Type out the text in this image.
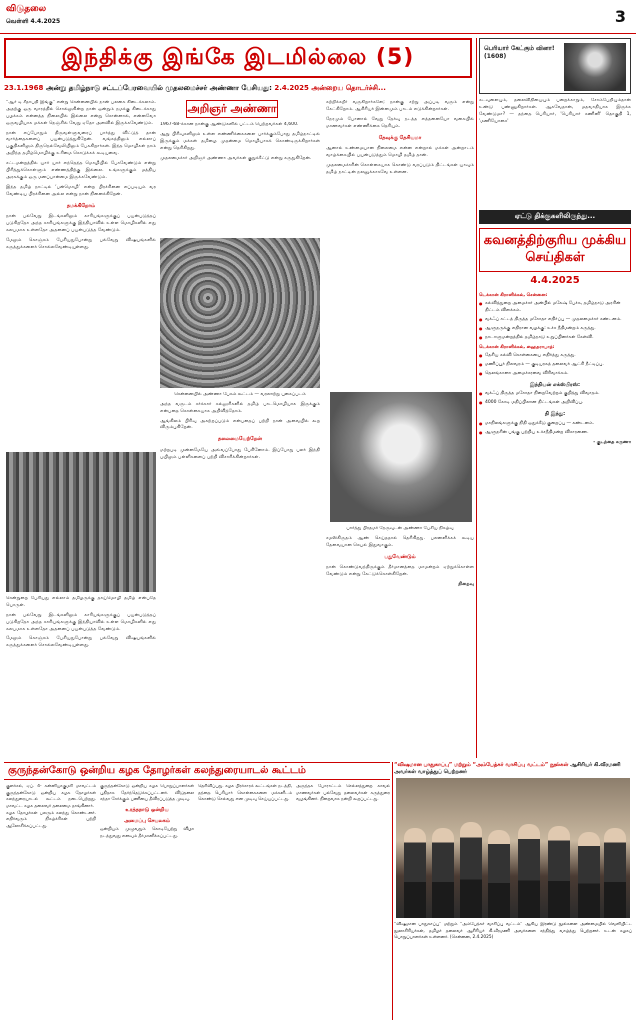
விடுதலை
வெள்ளி 4.4.2025	3
இந்திக்கு இங்கே இடமில்லை (5)
23.1.1968 அன்று தமிழ்நாடு சட்டப்பேரவையில் முதலமைச்சர் அண்ணா பேசியது: 2.4.2025 அன்றைய தொடர்ச்சி...

“ஆர் டி சீதாபதி இங்கு” என்று சென்னையில் நான் பலகை கிடைக்கலாம். அதற்கு ஒரு வாரத்தில் சொல்லுகின்ற நான் ஒன்றும் நமக்கு கிடைக்காது பழக்கம் என்னத்த நிலையில் இல்லை என்று சொன்னால், என்னவோ ஒருவழியாக மக்கள் நெஞ்சில் வேறு ஏதோ அளவில் இருக்கவேண்டும்.

நான் எப்போதும் திருவள்ளுவரைப் பார்த்து விட்டுத் தான் வார்த்தைகளைப் பயன்படுத்துகிறேன். வங்கத்திலும் எல்லாப் பகுதிகளிலும் திருநெல்வேலியிலும் பேசுகிறார்கள். இந்த மொழிகள் நாம் அறிந்த தமிழ்மொழிக்கு உரிமை கொடுக்கக் கூடியவை.

சட்டமன்றத்தில் யார் யார் எந்தெந்த மொழியில் பேசவேண்டும் என்று பிரித்துக்கொள்ளும் எண்ணத்திற்கு இல்லை. உங்களுக்கும் மத்திய அரசுக்கும் ஒரு மனப்பான்மை இருக்கவேண்டும்.

இந்த தமிழ் நாட்டில் ‘பன்மொழி’ என்ற பிரச்சினை எப்படியும் வர வேண்டிய பிரச்சினை அல்ல என்று நான் நினைக்கிறேன்.

தமக்கிறோம்

நான் பல்வேறு இடங்களிலும் காரியங்களுக்குப் பயன்படுத்தப் படுகிறதோ அந்த காரியங்களுக்கு இந்தியாவில் உள்ள மொழிகளில் எது சுலபமாக உள்ளதோ அதனைப் பயன்படுத்த வேண்டும்.

மேலும் கொஞ்சம் பேசியதுபோன்று பல்வேறு விஷயங்களில் கருத்துக்களைச் சொல்லவேண்டியுள்ளது.

சென்றுறை பேசியது எல்லாம் தமிழருக்கு தாய்மொழி தமிழ் என்பதே பொருள்.

நான் பல்வேறு இடங்களிலும் காரியங்களுக்குப் பயன்படுத்தப் படுகிறதோ அந்த காரியங்களுக்கு இந்தியாவில் உள்ள மொழிகளில் எது சுலபமாக உள்ளதோ அதனைப் பயன்படுத்த வேண்டும்.

மேலும் கொஞ்சம் பேசியதுபோன்று பல்வேறு விஷயங்களில் கருத்துக்களைச் சொல்லவேண்டியுள்ளது.

அறிஞர் அண்ணா

1967-68-க்கான நான்கு ஆண்டுகளில் பட்டம் பெற்றவர்கள் 4,600.

ஆறு பிரிவுகளிலும் உள்ள எண்ணிக்கைகளை பார்க்கும்போது தமிழ்நாட்டில் இருக்கும் மக்கள் தமிழை முதன்மை மொழியாகக் கொண்டிருக்கிறார்கள் என்று தெரிகிறது.

முதலமைச்சர் அறிஞர் அண்ணா அவர்கள் குறுக்கீட்டு என்று கருதுகிறேன்.

சென்னையில் அண்ணா பேசும் கூட்டம் — வரலாற்று புகைப்படம்

அந்த வருடம் சர்க்கார் கல்லூரிகளில் தமிழ் பாடமொழியாக இருக்கும் என்பதை கொள்கையாக அறிவித்தோம்.

ஆங்கிலம் பிரிவு அகற்றப்படும் என்பதைப் பற்றி நான் அவையில் கூற விரும்புகிறேன்.

தலைமையேற்றேன்

மற்றபடி முன்னமேயே அவ்வப்போது பேசினோம். இப்போது பலர் இந்தி பயிலும் பள்ளிகளைப் பற்றி விசாரிக்கின்றார்கள்.

கற்றிக்கறீர் வருகிறார்களே; நான்கு சற்று அப்படி வரும் என்று கேட்கிறோம். ஆசிரியர் இன்னமும் பாடம் எடுக்கின்றார்கள்.

நேரமும் போனால் வேறு தேர்வு நடத்த எத்தனையோ வகையில் மாணவர்கள் எண்ணிக்கை தெரியும்.

தேவுக்கு தேசியமா

ஆனால் உண்மையான நிலைமை என்ன என்றால் மக்கள் அன்றாடம் வாழ்க்கையில் பயன்படுத்தும் மொழி தமிழ் தான்.

முதலமைச்சரின் கொள்கையாக கொண்டு வரப்படும் திட்டங்கள் யாவும் தமிழ் நாட்டின் நலனுக்காகவே உள்ளன.

பார்த்து பிரதமர் நேருவுடன் அண்ணா பேசிய நிகழ்வு

சமஸ்கிருதம் ஆண் செய்ததால் தெரிகிறது. பலனளிக்கக் கூடிய தேவையான செயல் இதுவாகும்.

பதுவேண்டும்

நான் கொண்டுவந்திருக்கும் தீர்மானத்தை மாமன்றம் ஏற்றுக்கொள்ள வேண்டும் என்று கேட்டுக்கொள்கிறேன்.

நிறைவு

பெரியார் கேட்கும் வினா! (1608)
கடவுளையும், தலைவிதியையும் பறைக்காறும், சோம்பேறியும்தான் உண்டு பண்ணுகிறார்கள். ஆகவேதான், மதவாதியாக இருக்க வேண்டுமா? — தந்தை பெரியார், 'பெரியார் கணினி' தொகுதி 1, 'மணியோசை'
ஏட்டு திக்குகளிலிருந்து...
கவனத்திற்குரிய முக்கிய செய்திகள்
4.4.2025
டெக்கான் கிரானிக்கல், சென்னை:
● கல்வித்துறை அமைச்சர் அன்பில் மகேஷ் பேச்சு, தமிழ்நாடு அரசின் திட்டம் விளக்கம்.
● வக்ஃப் சட்டத் திருத்த மசோதா எதிர்ப்பு — முதலமைச்சர் கண்டனம்.
● ஆளுநருக்கு எதிரான வழக்கு: உச்ச நீதிமன்றம் கருத்து.
● நாடாளுமன்றத்தில் தமிழ்நாடு உறுப்பினர்கள் கேள்வி.
டெக்கான் கிரானிக்கல், ஹைதராபாத்:
● தேசிய கல்வி கொள்கையை எதிர்த்து கருத்து.
● மணிப்பூர் நிலவரம் — குடியரசுத் தலைவர் ஆட்சி நீட்டிப்பு.
● தெலங்கானா அமைச்சரவை விரிவாக்கம்.
இந்தியன் எக்ஸ்பிரஸ்:
● வக்ஃப் திருத்த மசோதா நிறைவேற்றம் குறித்து விவாதம்.
● 4000 கோடி மதிப்பிலான திட்டங்கள் அறிவிப்பு.
தி இந்து:
● மாநிலங்களுக்கு நிதி ஒதுக்கீடு குறைப்பு — கண்டனம்.
● ஆளுநரின் பங்கு பற்றிய உச்சநீதிமன்ற விசாரணை.
- குடந்தை கருணா
குருந்தன்கோடு ஒன்றிய கழக தோழர்கள் கலந்துரையாடல் கூட்டம்

குளச்சல், ஏப். 4- கன்னியாகுமரி மாவட்டம் குருந்தன்கோடு ஒன்றிய கழக தோழர்கள் கலந்துரையாடல் கூட்டம் நடைபெற்றது. மாவட்ட கழக தலைவர் தலைமை தாங்கினார்.

கழக தோழர்கள் பலரும் கலந்து கொண்டனர். எதிர்வரும் நிகழ்ச்சிகள் பற்றி ஆலோசிக்கப்பட்டது.

குருந்தன்கோடு ஒன்றிய கழக பொறுப்பாளர்கள் புதிதாக தேர்ந்தெடுக்கப்பட்டனர். விடுதலை சந்தா சேர்க்கும் பணியை தீவிரப்படுத்த முடிவு.

உரத்தநாடு ஒன்றிய
அமைப்பு செயலகம்

ஒன்றியம் முழுவதும் கொடியேற்று விழா நடத்துவது எனவும் தீர்மானிக்கப்பட்டது.

தெரிவிப்பது. கழக பிரச்சாரக் கூட்டங்கள் நடத்தி, தந்தை பெரியார் கொள்கைகளை மக்களிடம் கொண்டு செல்வது என முடிவு செய்யப்பட்டது.

அருந்தக போராட்டம் செல்லத்துறை காவல் மாணவர்கள் பல்வேறு தலைவர்கள் கருத்துரை வழங்கினர். நிறைவாக நன்றி கூறப்பட்டது.

“விஷமான பாதுகாப்பு” மற்றும் “அம்பேத்கர் வாசிப்பு வட்டம்” நூல்கள் ஆசிரியர் கி.வீரமணி அவர்கள் வாழ்த்துப் பெற்றனர்
“விஷமான பாதுகாப்பு” மற்றும் “அம்பேத்கர் வாசிப்பு வட்டம்” ஆகிய இரண்டு நூல்களை அண்மையில் வெளியிட்ட நூலாசிரியர்கள், தமிழர் தலைவர் ஆசிரியர் கி.வீரமணி அவர்களை சந்தித்து வாழ்த்து பெற்றனர். உடன் கழகப் பொறுப்பாளர்கள் உள்ளனர். (சென்னை, 2.4.2025)
